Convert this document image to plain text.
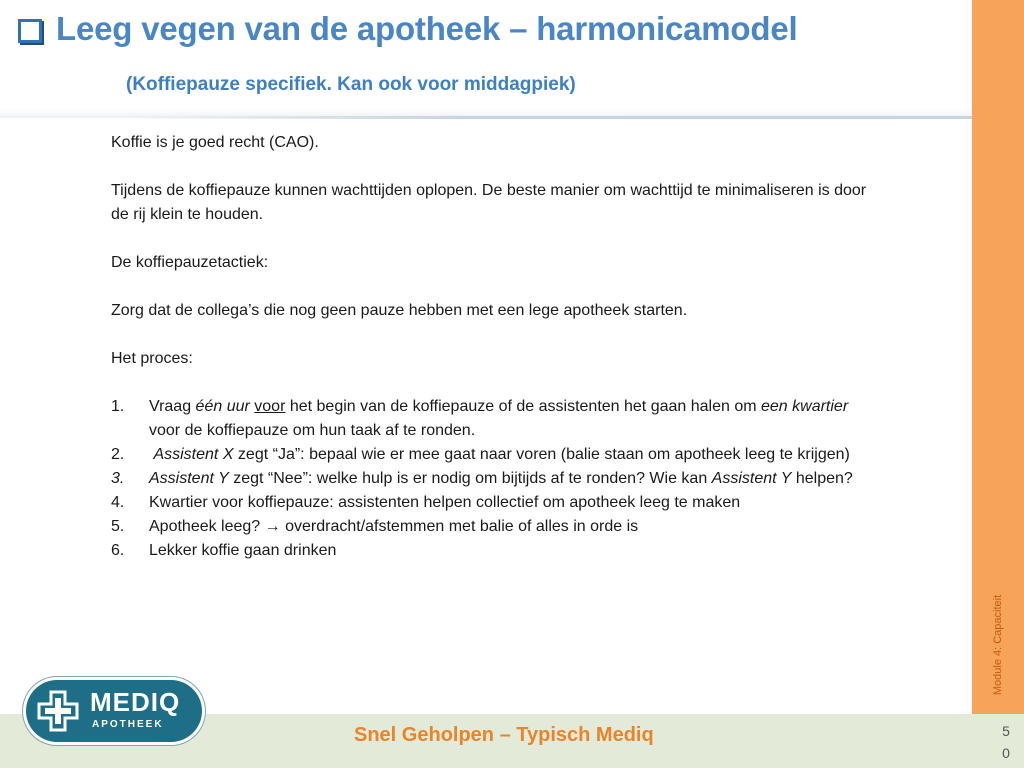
Leeg vegen van de apotheek – harmonicamodel
(Koffiepauze specifiek. Kan ook voor middagpiek)

Koffie is je goed recht (CAO).

Tijdens de koffiepauze kunnen wachttijden oplopen. De beste manier om wachttijd te minimaliseren is door de rij klein te houden.

De koffiepauzetactiek:

Zorg dat de collega’s die nog geen pauze hebben met een lege apotheek starten.

Het proces:

1. Vraag één uur voor het begin van de koffiepauze of de assistenten het gaan halen om een kwartier voor de koffiepauze om hun taak af te ronden.
2. Assistent X zegt “Ja”: bepaal wie er mee gaat naar voren (balie staan om apotheek leeg te krijgen)
3. Assistent Y zegt “Nee”: welke hulp is er nodig om bijtijds af te ronden? Wie kan Assistent Y helpen?
4. Kwartier voor koffiepauze: assistenten helpen collectief om apotheek leeg te maken
5. Apotheek leeg? → overdracht/afstemmen met balie of alles in orde is
6. Lekker koffie gaan drinken
Module 4: Capaciteit
Snel Geholpen – Typisch Mediq	50
MEDIQ
APOTHEEK
